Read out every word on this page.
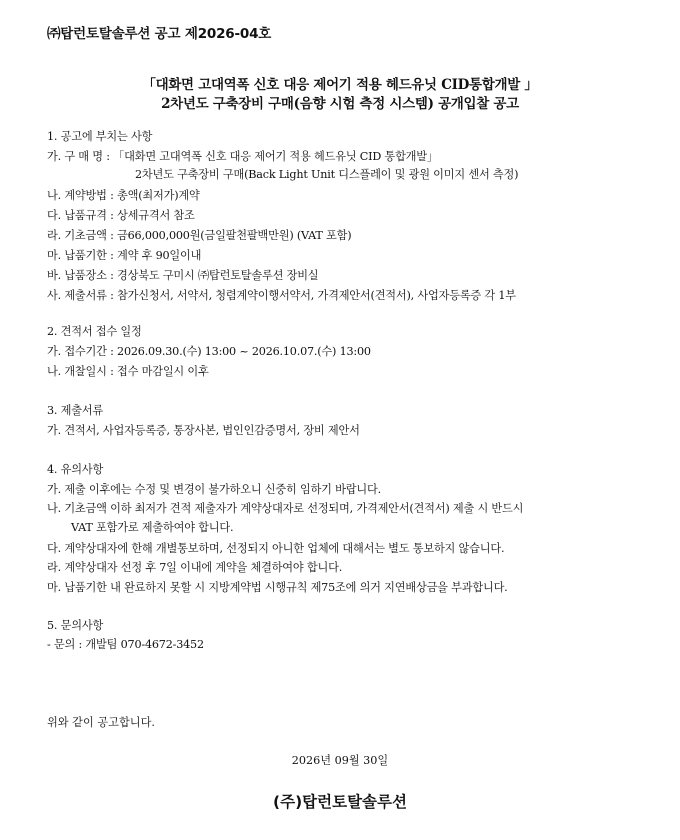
㈜탑런토탈솔루션 공고 제2026-04호
「대화면 고대역폭 신호 대응 제어기 적용 헤드유닛 CID통합개발 」
2차년도 구축장비 구매(음향 시험 측정 시스템) 공개입찰 공고
1. 공고에 부치는 사항
가. 구 매 명 : 「대화면 고대역폭 신호 대응 제어기 적용 헤드유닛 CID 통합개발」
2차년도 구축장비 구매(Back Light Unit 디스플레이 및 광원 이미지 센서 측정)
나. 계약방법 : 총액(최저가)계약
다. 납품규격 : 상세규격서 참조
라. 기초금액 : 금66,000,000원(금일팔천팔백만원) (VAT 포함)
마. 납품기한 : 계약 후 90일이내
바. 납품장소 : 경상북도 구미시 ㈜탑런토탈솔루션 장비실
사. 제출서류 : 참가신청서, 서약서, 청렴계약이행서약서, 가격제안서(견적서), 사업자등록증 각 1부
2. 견적서 접수 일정
가. 접수기간 : 2026.09.30.(수) 13:00 ~ 2026.10.07.(수) 13:00
나. 개찰일시 : 접수 마감일시 이후
3. 제출서류
가. 견적서, 사업자등록증, 통장사본, 법인인감증명서, 장비 제안서
4. 유의사항
가. 제출 이후에는 수정 및 변경이 불가하오니 신중히 임하기 바랍니다.
나. 기초금액 이하 최저가 견적 제출자가 계약상대자로 선정되며, 가격제안서(견적서) 제출 시 반드시
VAT 포함가로 제출하여야 합니다.
다. 계약상대자에 한해 개별통보하며, 선정되지 아니한 업체에 대해서는 별도 통보하지 않습니다.
라. 계약상대자 선정 후 7일 이내에 계약을 체결하여야 합니다.
마. 납품기한 내 완료하지 못할 시 지방계약법 시행규칙 제75조에 의거 지연배상금을 부과합니다.
5. 문의사항
- 문의 : 개발팀 070-4672-3452
위와 같이 공고합니다.
2026년 09월 30일
(주)탑런토탈솔루션
